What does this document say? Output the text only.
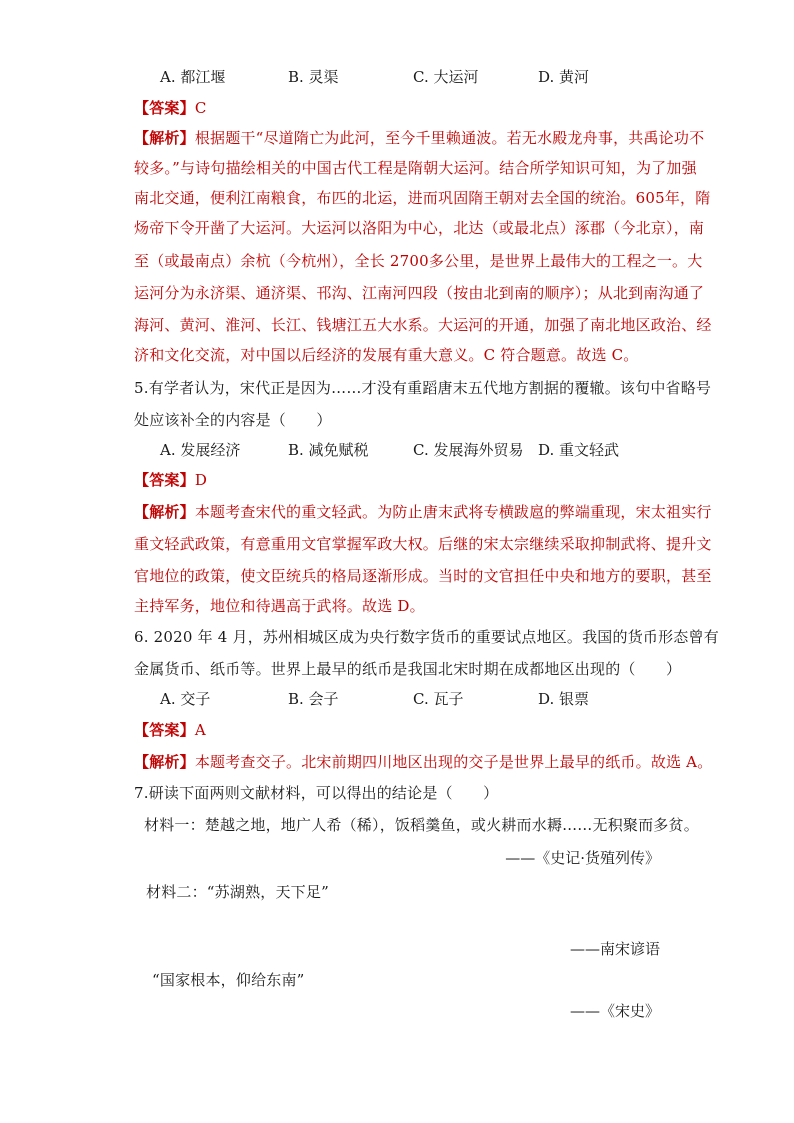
A. 都江堰	B. 灵渠	C. 大运河	D. 黄河
【答案】C
【解析】根据题干“尽道隋亡为此河，至今千里赖通波。若无水殿龙舟事，共禹论功不
较多。”与诗句描绘相关的中国古代工程是隋朝大运河。结合所学知识可知，为了加强
南北交通，便利江南粮食，布匹的北运，进而巩固隋王朝对去全国的统治。605年，隋
炀帝下令开凿了大运河。大运河以洛阳为中心，北达（或最北点）涿郡（今北京），南
至（或最南点）余杭（今杭州），全长 2700多公里，是世界上最伟大的工程之一。大
运河分为永济渠、通济渠、邗沟、江南河四段（按由北到南的顺序）；从北到南沟通了
海河、黄河、淮河、长江、钱塘江五大水系。大运河的开通，加强了南北地区政治、经
济和文化交流，对中国以后经济的发展有重大意义。C 符合题意。故选 C。
5.有学者认为，宋代正是因为……才没有重蹈唐末五代地方割据的覆辙。该句中省略号
处应该补全的内容是（　　）
A. 发展经济	B. 减免赋税	C. 发展海外贸易 D. 重文轻武
【答案】D
【解析】本题考查宋代的重文轻武。为防止唐末武将专横跋扈的弊端重现，宋太祖实行
重文轻武政策，有意重用文官掌握军政大权。后继的宋太宗继续采取抑制武将、提升文
官地位的政策，使文臣统兵的格局逐渐形成。当时的文官担任中央和地方的要职，甚至
主持军务，地位和待遇高于武将。故选 D。
6. 2020 年 4 月，苏州相城区成为央行数字货币的重要试点地区。我国的货币形态曾有
金属货币、纸币等。世界上最早的纸币是我国北宋时期在成都地区出现的（　　）
A. 交子	B. 会子	C. 瓦子	D. 银票
【答案】A
【解析】本题考查交子。北宋前期四川地区出现的交子是世界上最早的纸币。故选 A。
7.研读下面两则文献材料，可以得出的结论是（　　）
材料一：楚越之地，地广人希（稀），饭稻羹鱼，或火耕而水耨……无积聚而多贫。
——《史记·货殖列传》
材料二：“苏湖熟，天下足”
——南宋谚语
“国家根本，仰给东南”
——《宋史》
